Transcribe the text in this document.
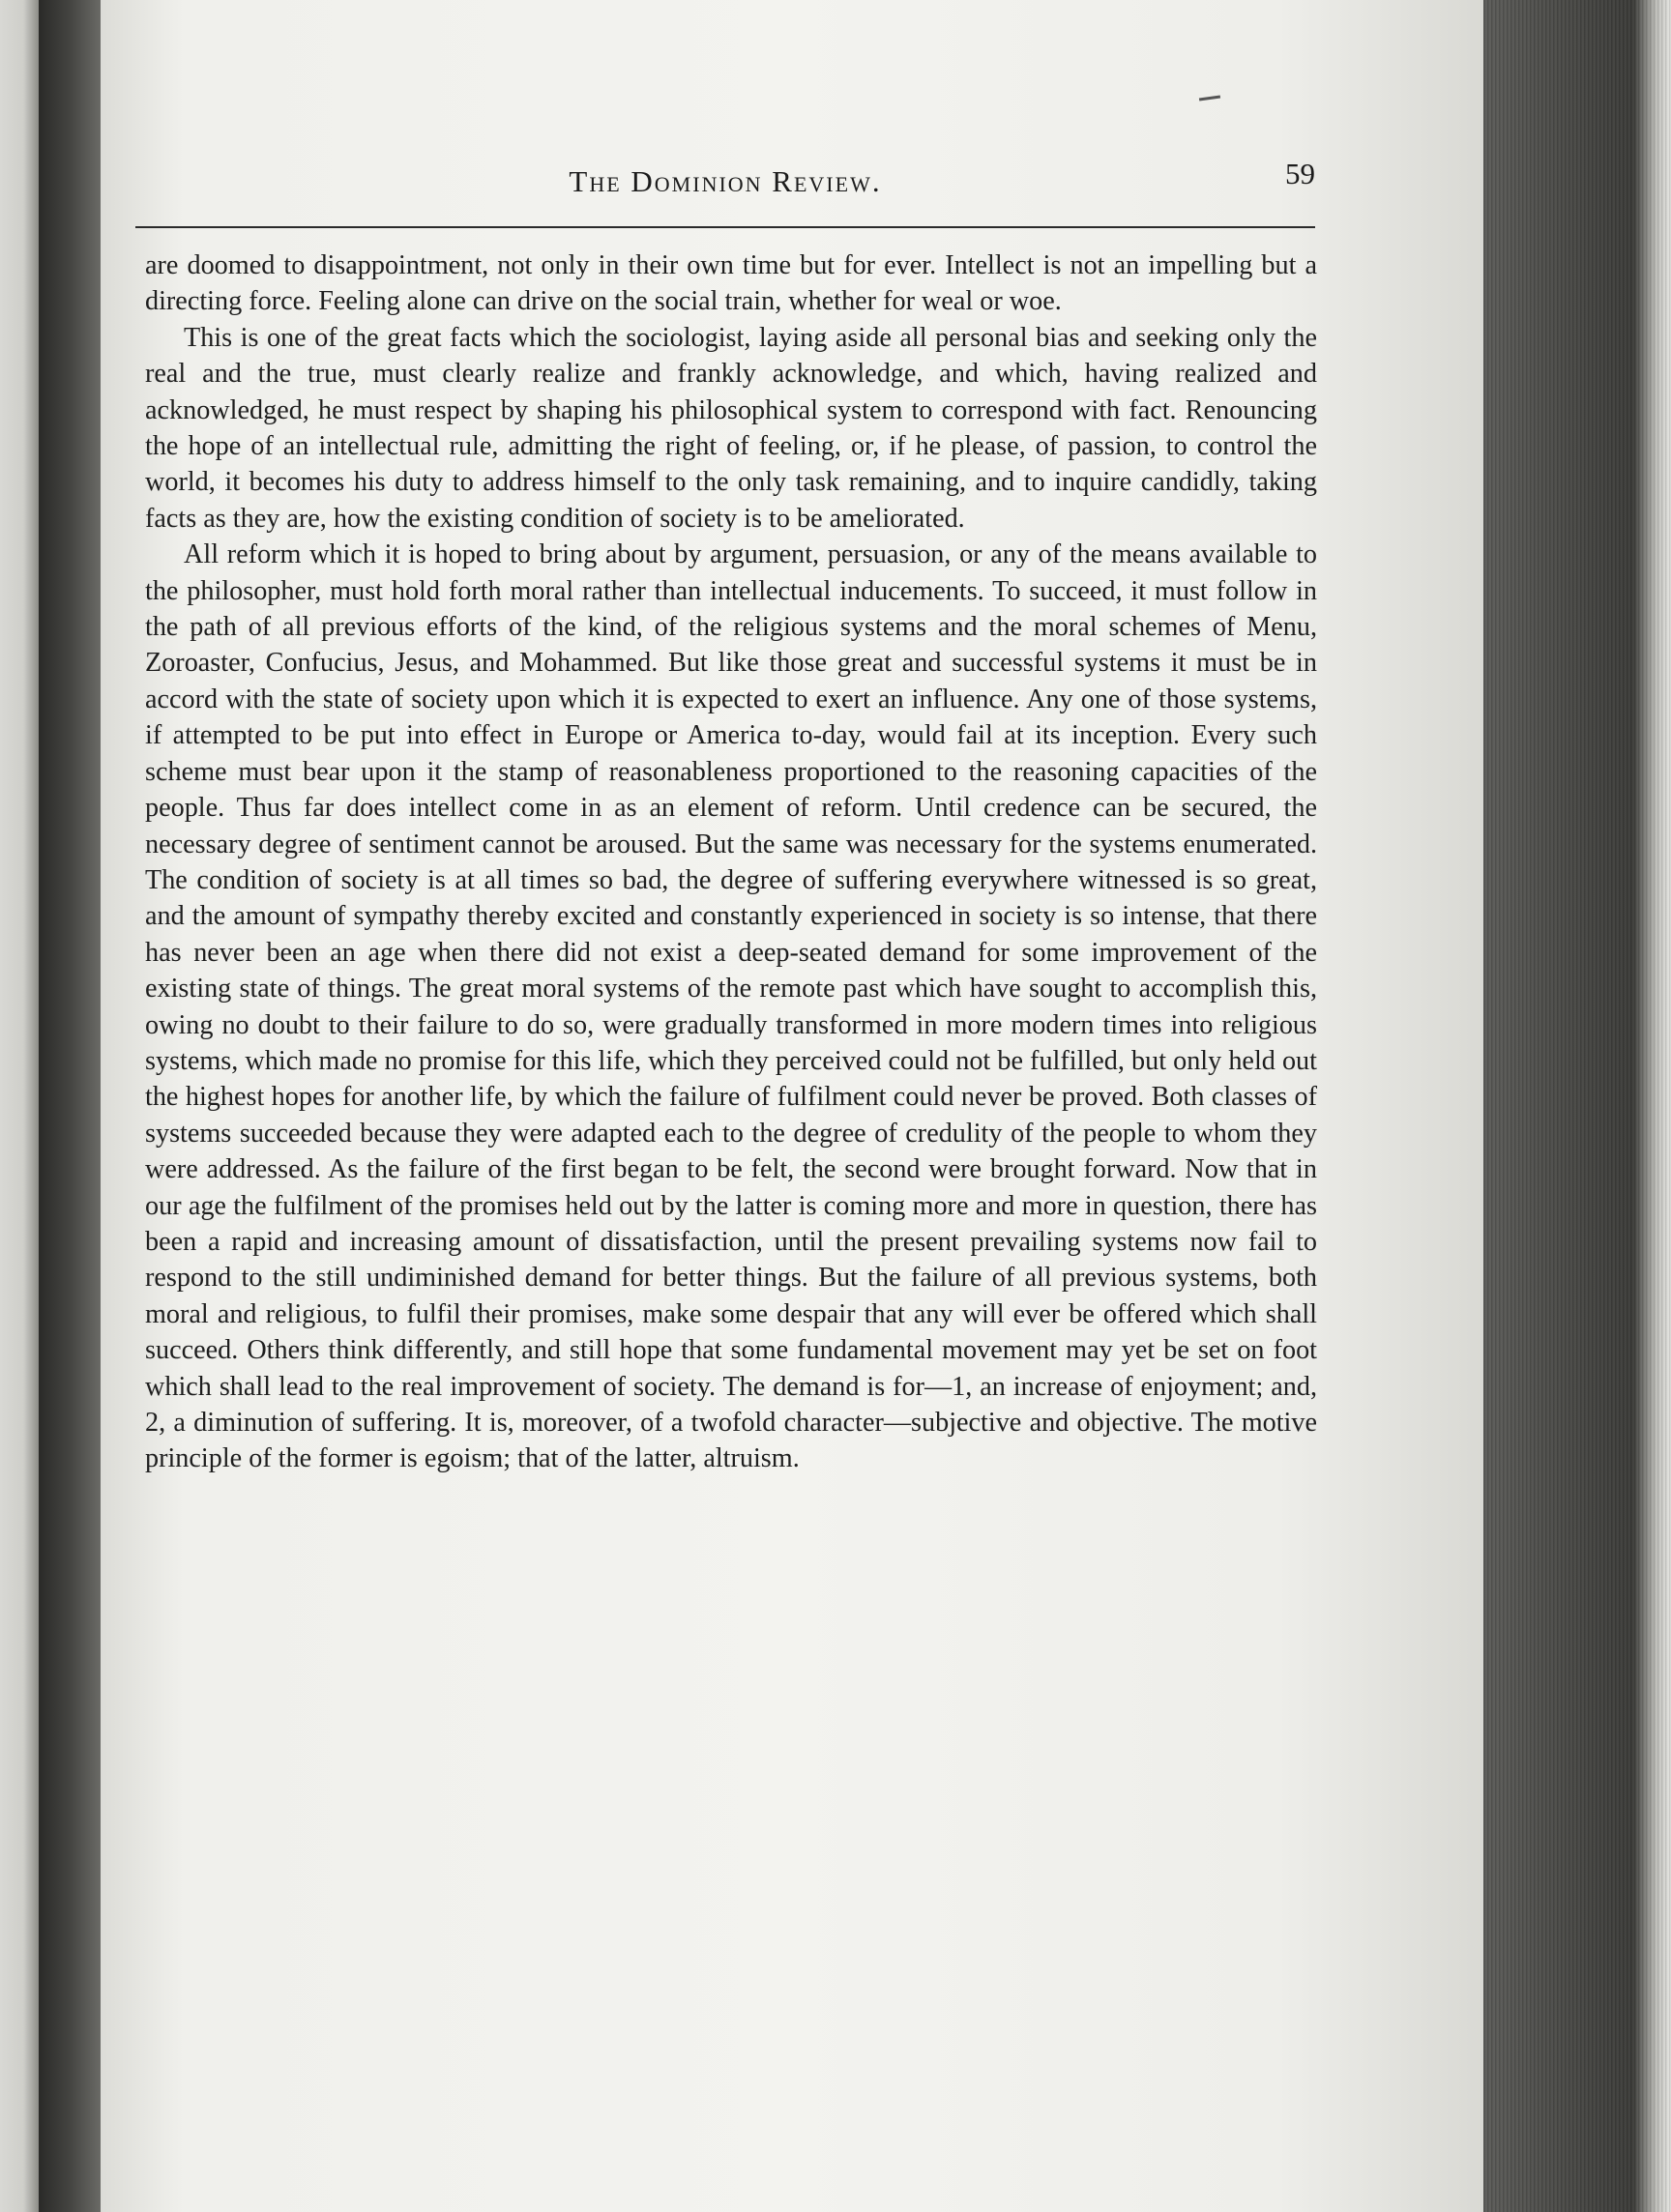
The Dominion Review.	59

are doomed to disappointment, not only in their own time but for ever. Intellect is not an impelling but a directing force. Feeling alone can drive on the social train, whether for weal or woe.

This is one of the great facts which the sociologist, laying aside all personal bias and seeking only the real and the true, must clearly realize and frankly acknowledge, and which, having realized and acknowledged, he must respect by shaping his philosophical system to correspond with fact. Renouncing the hope of an intellectual rule, admitting the right of feeling, or, if he please, of passion, to control the world, it becomes his duty to address himself to the only task remaining, and to inquire candidly, taking facts as they are, how the existing condition of society is to be ameliorated.

All reform which it is hoped to bring about by argument, persuasion, or any of the means available to the philosopher, must hold forth moral rather than intellectual inducements. To succeed, it must follow in the path of all previous efforts of the kind, of the religious systems and the moral schemes of Menu, Zoroaster, Confucius, Jesus, and Mohammed. But like those great and successful systems it must be in accord with the state of society upon which it is expected to exert an influence. Any one of those systems, if attempted to be put into effect in Europe or America to-day, would fail at its inception. Every such scheme must bear upon it the stamp of reasonableness proportioned to the reasoning capacities of the people. Thus far does intellect come in as an element of reform. Until credence can be secured, the necessary degree of sentiment cannot be aroused. But the same was necessary for the systems enumerated. The condition of society is at all times so bad, the degree of suffering everywhere witnessed is so great, and the amount of sympathy thereby excited and constantly experienced in society is so intense, that there has never been an age when there did not exist a deep-seated demand for some improvement of the existing state of things. The great moral systems of the remote past which have sought to accomplish this, owing no doubt to their failure to do so, were gradually transformed in more modern times into religious systems, which made no promise for this life, which they perceived could not be fulfilled, but only held out the highest hopes for another life, by which the failure of fulfilment could never be proved. Both classes of systems succeeded because they were adapted each to the degree of credulity of the people to whom they were addressed. As the failure of the first began to be felt, the second were brought forward. Now that in our age the fulfilment of the promises held out by the latter is coming more and more in question, there has been a rapid and increasing amount of dissatisfaction, until the present prevailing systems now fail to respond to the still undiminished demand for better things. But the failure of all previous systems, both moral and religious, to fulfil their promises, make some despair that any will ever be offered which shall succeed. Others think differently, and still hope that some fundamental movement may yet be set on foot which shall lead to the real improvement of society. The demand is for—1, an increase of enjoyment; and, 2, a diminution of suffering. It is, moreover, of a twofold character—subjective and objective. The motive principle of the former is egoism; that of the latter, altruism.
